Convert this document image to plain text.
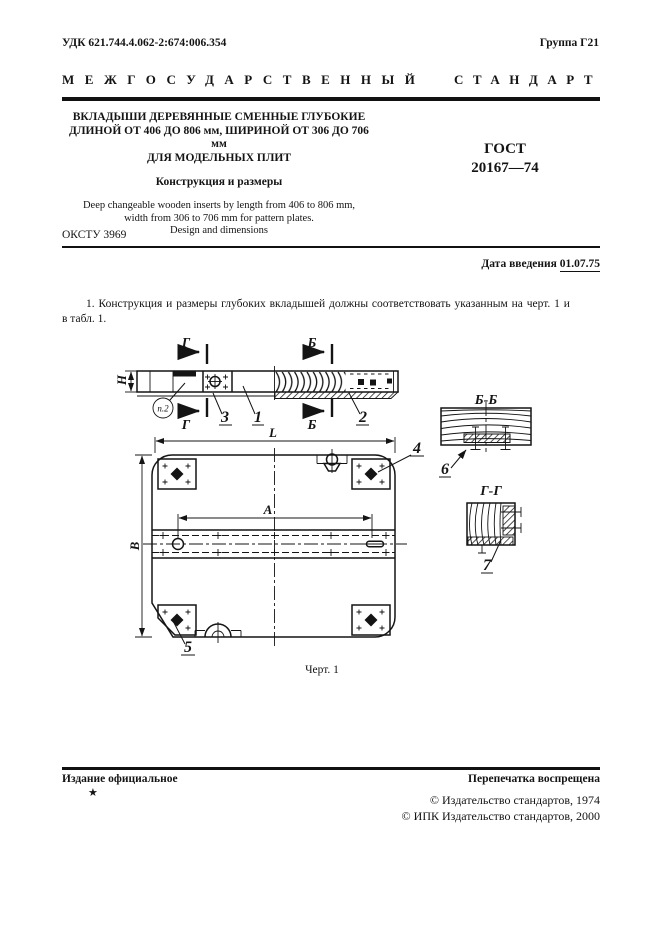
УДК 621.744.4.062-2:674:006.354	Группа Г21
МЕЖГОСУДАРСТВЕННЫЙ СТАНДАРТ
ВКЛАДЫШИ ДЕРЕВЯННЫЕ СМЕННЫЕ ГЛУБОКИЕ
ДЛИНОЙ ОТ 406 ДО 806 мм, ШИРИНОЙ ОТ 306 ДО 706 мм
ДЛЯ МОДЕЛЬНЫХ ПЛИТ
Конструкция и размеры
Deep changeable wooden inserts by length from 406 to 806 mm,
width from 306 to 706 mm for pattern plates.
Design and dimensions
ГОСТ
20167—74
ОКСТУ 3969
Дата введения 01.07.75
1. Конструкция и размеры глубоких вкладышей должны соответствовать указанным на черт. 1 и
в табл. 1.
Н
Г
Г
Б
Б
п.2
3 1	2
L
В
А
4
5
Б-Б
6
Г-Г
7
Черт. 1
Издание официальное	Перепечатка воспрещена
★	© Издательство стандартов, 1974
© ИПК Издательство стандартов, 2000
